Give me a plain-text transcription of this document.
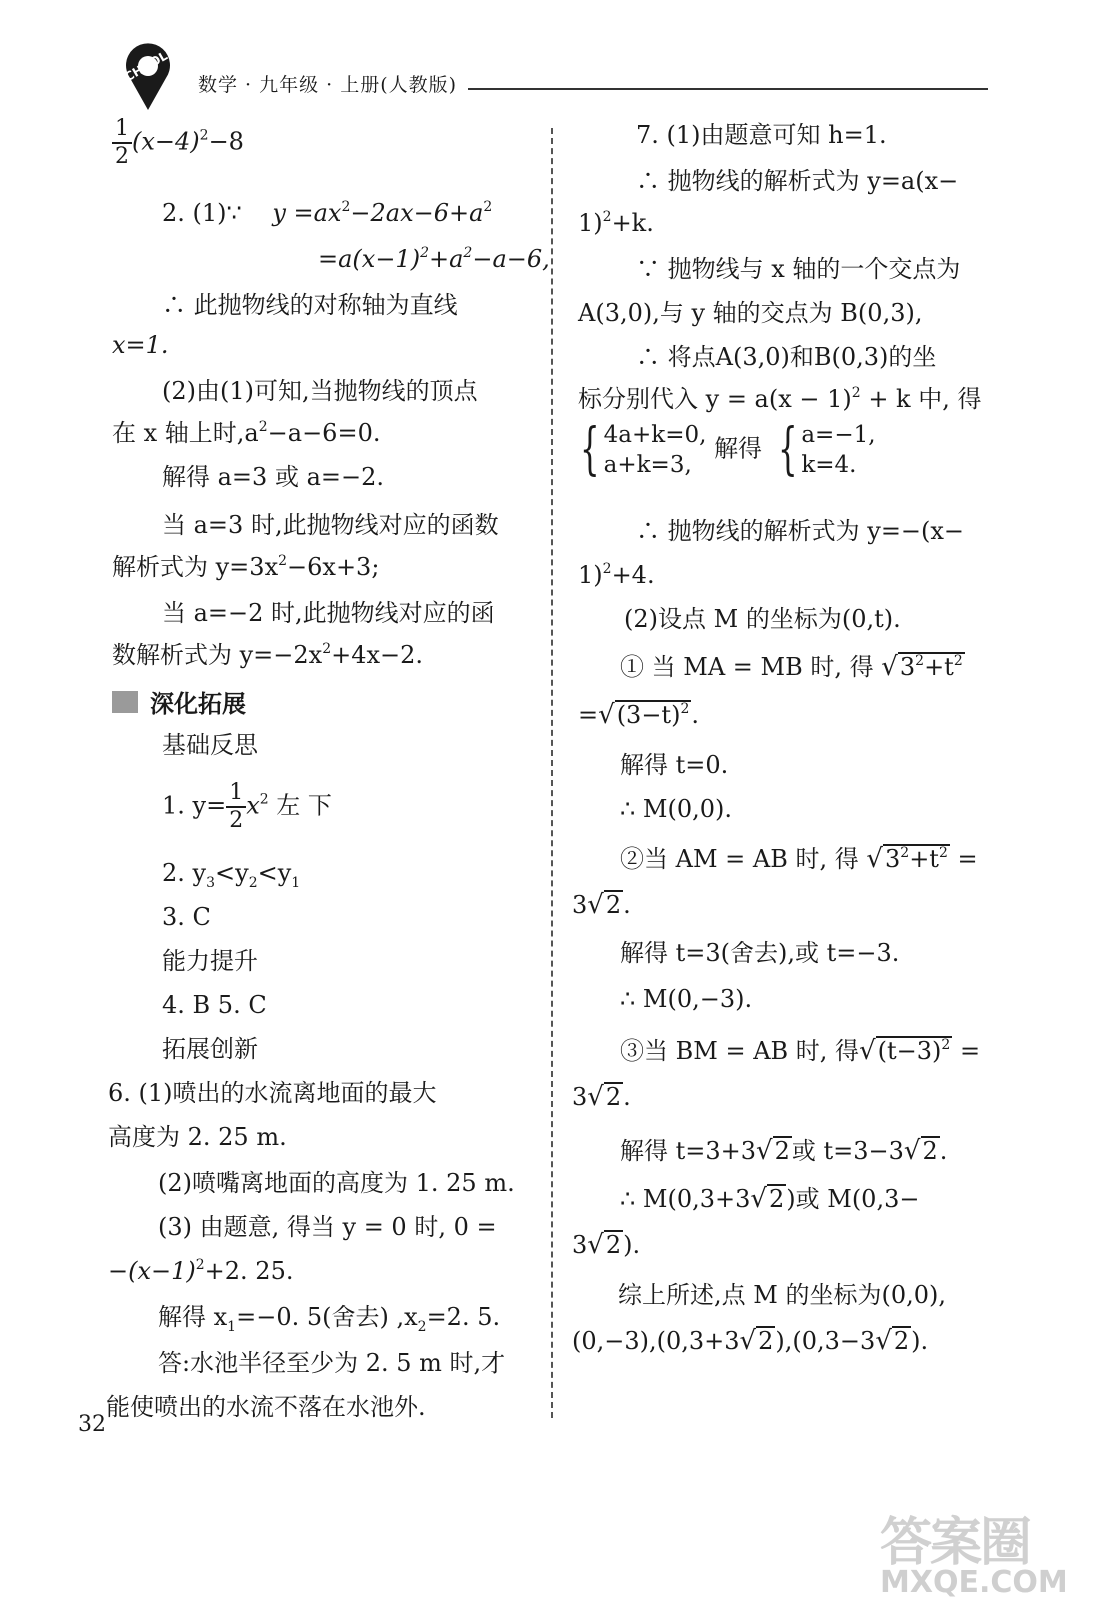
SCHOOL 数学 · 九年级 · 上册(人教版)
$\frac{1}{2} (x-4)^2-8$
2. (1)∵ $y =ax^2-2ax-6+a^2$
$=a(x-1)^2+a^2-a-6$,
∴ 此抛物线的对称轴为直线
x=1.
(2)由(1)可知,当抛物线的顶点
在 x 轴上时$,a^2-a-6=0$.
解得 a=3 或 a=−2.
当 a=3 时,此抛物线对应的函数
解析式为 $y=3x^2-6x+3$;
当 a=−2 时,此抛物线对应的函
数解析式为 $y=-2x^2+4x-2$.
深化拓展
基础反思
1. $y= \frac{1}{2} x^2$ 左 下
2. $y_3<y_2<y_1$
3. C
能力提升
4. B 5. C
拓展创新
6. (1)喷出的水流离地面的最大
高度为 2. 25 m.
(2)喷嘴离地面的高度为 1. 25 m.
(3) 由题意, 得当 y = 0 时, 0 =
$-(x-1)^2+2$. 25.
解得 $x_1=-0$. 5(舍去) $,x_2=2$. 5.
答:水池半径至少为 2. 5 m 时,才
能使喷出的水流不落在水池外.
7. (1)由题意可知 h=1.
∴ 抛物线的解析式为 y=a(x−
1)$^2$+k.
∵ 抛物线与 x 轴的一个交点为
A(3,0),与 y 轴的交点为 B(0,3),
∴ 将点A(3,0)和B(0,3)的坐
标分别代入 $y = a(x - 1)^2 + k$ 中, 得
{ 4a+k=0,
a+k=3,
解得 { a=−1,
k=4.
∴ 抛物线的解析式为 y=−(x−
1)$^2$+4.
(2)设点 M 的坐标为(0,t).
① 当 MA = MB 时, 得 $√3^2+t^2$
$=√(3-t)^2$.
解得 t=0.
∴ M(0,0).
②当 AM = AB 时, 得 $√3^2+t^2$ =
3√2.
解得 t=3(舍去),或 t=−3.
∴ M(0,−3).
③当 BM = AB 时, 得$√(t-3)^2$ =
3√2.
解得 t=3+3√2或 t=3−3√2.
∴ M(0,3+3√2)或 M(0,3−
3√2).
综上所述,点 M 的坐标为(0,0),
(0,−3),(0,3+3√2),(0,3−3√2).
32
答案圈
MXQE.COM
